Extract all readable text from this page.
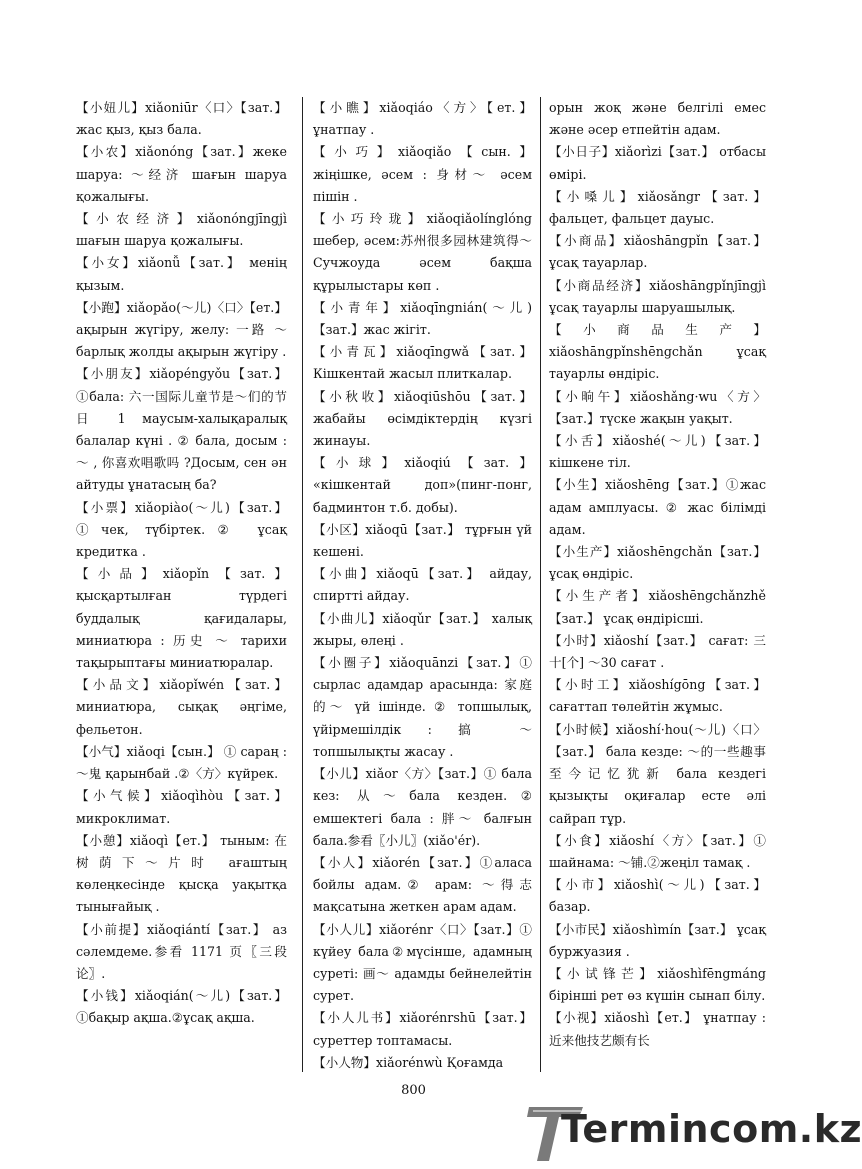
【小妞儿】xiǎoniūr〈口〉【зат.】жас қыз, қыз бала.

【小农】xiǎonóng【зат.】жеке шаруа: ～经济 шағын шаруа қожалығы.

【小农经济】xiǎonóngjīngjì шағын шаруа қожалығы.

【小女】xiǎonǚ【зат.】 менің қызым.

【小跑】xiǎopǎo(～儿)〈口〉【ет.】ақырын жүгіру, желу: 一路 ～ барлық жолды ақырын жүгіру .

【小朋友】xiǎopéngyǒu【зат.】①бала: 六一国际儿童节是～们的节日 1 маусым-халықаралық балалар күні . ② бала, досым : ～ , 你喜欢唱歌吗 ?Досым, сен ән айтуды ұнатасың ба?

【小票】xiǎopiào(～儿)【зат.】①чек, түбіртек.② ұсақ кредитка .

【小品】xiǎopǐn【зат.】 қысқартылған түрдегі буддалық қағидалары, миниатюра : 历史 ～ тарихи тақырыптағы миниатюралар.

【小品文】xiǎopǐwén【зат.】 миниатюра, сықақ әңгіме, фельетон.

【小气】xiǎoqi【сын.】 ① сараң : ～鬼 қарынбай .②〈方〉күйрек.

【小气候】xiǎoqìhòu【зат.】 микроклимат.

【小憩】xiǎoqì【ет.】 тыным: 在树荫下～片时 ағаштың көлеңкесінде қысқа уақытқа тынығайық .

【小前提】xiǎoqiántí【зат.】 аз сәлемдеме.参看 1171 页〖三段论〗.

【小钱】xiǎoqián(～儿)【зат.】①бақыр ақша.②ұсақ ақша.

【小瞧】xiǎoqiáo〈方〉【ет.】ұнатпау .

【小巧】xiǎoqiǎo【сын.】 жіңішке, әсем : 身材～ әсем пішін .

【小巧玲珑】xiǎoqiǎolínglóng шебер, әсем:苏州很多园林建筑得～Сучжоуда әсем бақша құрылыстары көп .

【小青年】xiǎoqīngnián(～儿)【зат.】жас жігіт.

【小青瓦】xiǎoqīngwǎ【зат.】 Кішкентай жасыл плиткалар.

【小秋收】xiǎoqiūshōu【зат.】 жабайы өсімдіктердің күзгі жинауы.

【小球】xiǎoqiú【зат.】 «кішкентай доп»(пинг-понг, бадминтон т.б. добы).

【小区】xiǎoqū【зат.】 тұрғын үй кешені.

【小曲】xiǎoqū【зат.】 айдау, спиртті айдау.

【小曲儿】xiǎoqǔr【зат.】 халық жыры, өлеңі .

【小圈子】xiǎoquānzi【зат.】① сырлас адамдар арасында: 家庭的～ үй ішінде. ② топшылық, үйірмешілдік : 搞 ～ топшылықты жасау .

【小儿】xiǎor〈方〉【зат.】① бала кез: 从～бала кезден.② емшектегі бала : 胖～ балғын бала.参看〖小儿〗(xiǎo'ér).

【小人】xiǎorén【зат.】①аласа бойлы адам.② арам: ～得志 мақсатына жеткен арам адам.

【小人儿】xiǎorénr〈口〉【зат.】① күйеу бала②мүсінше, адамның суреті: 画～ адамды бейнелейтін сурет.

【小人儿书】xiǎorénrshū【зат.】 суреттер топтамасы.

【小人物】xiǎorénwù Қоғамда

орын жоқ және белгілі емес және әсер етпейтін адам.

【小日子】xiǎorìzi【зат.】 отбасы өмірі.

【小嗓儿】xiǎosǎngr【зат.】 фальцет, фальцет дауыс.

【小商品】xiǎoshāngpǐn【зат.】 ұсақ тауарлар.

【小商品经济】xiǎoshāngpǐnjīngjì ұсақ тауарлы шаруашылық.

【小商品生产】xiǎoshāngpǐnshēngchǎn ұсақ тауарлы өндіріс.

【小晌午】xiǎoshǎng·wu〈方〉【зат.】түске жақын уақыт.

【小舌】xiǎoshé(～儿)【зат.】 кішкене тіл.

【小生】xiǎoshēng【зат.】①жас адам амплуасы. ② жас білімді адам.

【小生产】xiǎoshēngchǎn【зат.】 ұсақ өндіріс.

【小生产者】xiǎoshēngchǎnzhě【зат.】 ұсақ өндірісші.

【小时】xiǎoshí【зат.】 сағат: 三十[个] ～30 сағат .

【小时工】xiǎoshígōng【зат.】 сағаттап төлейтін жұмыс.

【小时候】xiǎoshí·hou(～儿)〈口〉【зат.】 бала кезде: ～的一些趣事至今记忆犹新 бала кездегі қызықты оқиғалар есте әлі сайрап тұр.

【小食】xiǎoshí〈方〉【зат.】① шайнама: ～铺.②жеңіл тамақ .

【小市】xiǎoshì(～儿)【зат.】 базар.

【小市民】xiǎoshìmín【зат.】 ұсақ буржуазия .

【小试锋芒】xiǎoshìfēngmáng бірінші рет өз күшін сынап білу.

【小视】xiǎoshì【ет.】 ұнатпау : 近来他技艺颇有长

800
Termincom.kz
